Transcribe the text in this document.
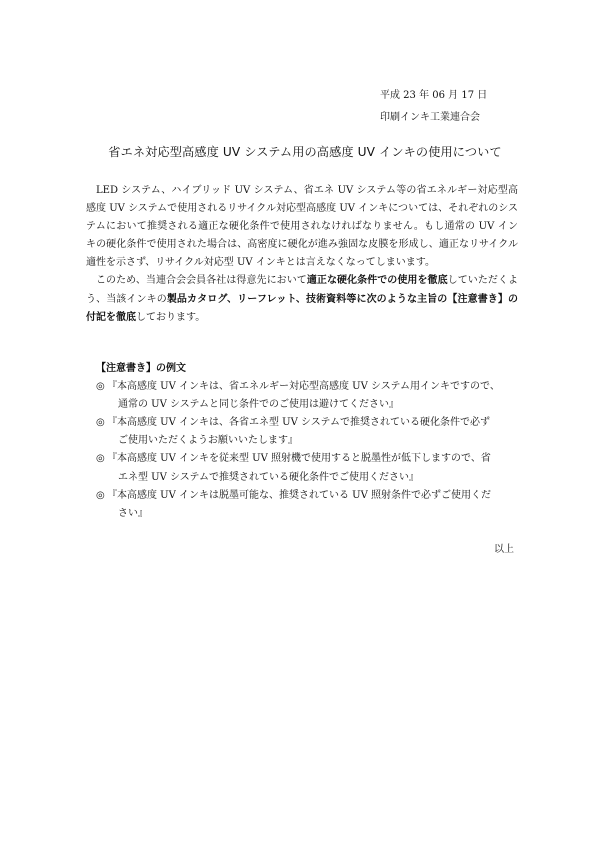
平成 23 年 06 月 17 日
印刷インキ工業連合会
省エネ対応型高感度 UV システム用の高感度 UV インキの使用について

LED システム、ハイブリッド UV システム、省エネ UV システム等の省エネルギー対応型高感度 UV システムで使用されるリサイクル対応型高感度 UV インキについては、それぞれのシステムにおいて推奨される適正な硬化条件で使用されなければなりません。もし通常の UV インキの硬化条件で使用された場合は、高密度に硬化が進み強固な皮膜を形成し、適正なリサイクル適性を示さず、リサイクル対応型 UV インキとは言えなくなってしまいます。

このため、当連合会会員各社は得意先において適正な硬化条件での使用を徹底していただくよう、当該インキの製品カタログ、リーフレット、技術資料等に次のような主旨の【注意書き】の付記を徹底しております。

【注意書き】の例文
◎ 『本高感度 UV インキは、省エネルギー対応型高感度 UV システム用インキですので、
通常の UV システムと同じ条件でのご使用は避けてください』
◎ 『本高感度 UV インキは、各省エネ型 UV システムで推奨されている硬化条件で必ず
ご使用いただくようお願いいたします』
◎ 『本高感度 UV インキを従来型 UV 照射機で使用すると脱墨性が低下しますので、省
エネ型 UV システムで推奨されている硬化条件でご使用ください』
◎ 『本高感度 UV インキは脱墨可能な、推奨されている UV 照射条件で必ずご使用くだ
さい』
以上
